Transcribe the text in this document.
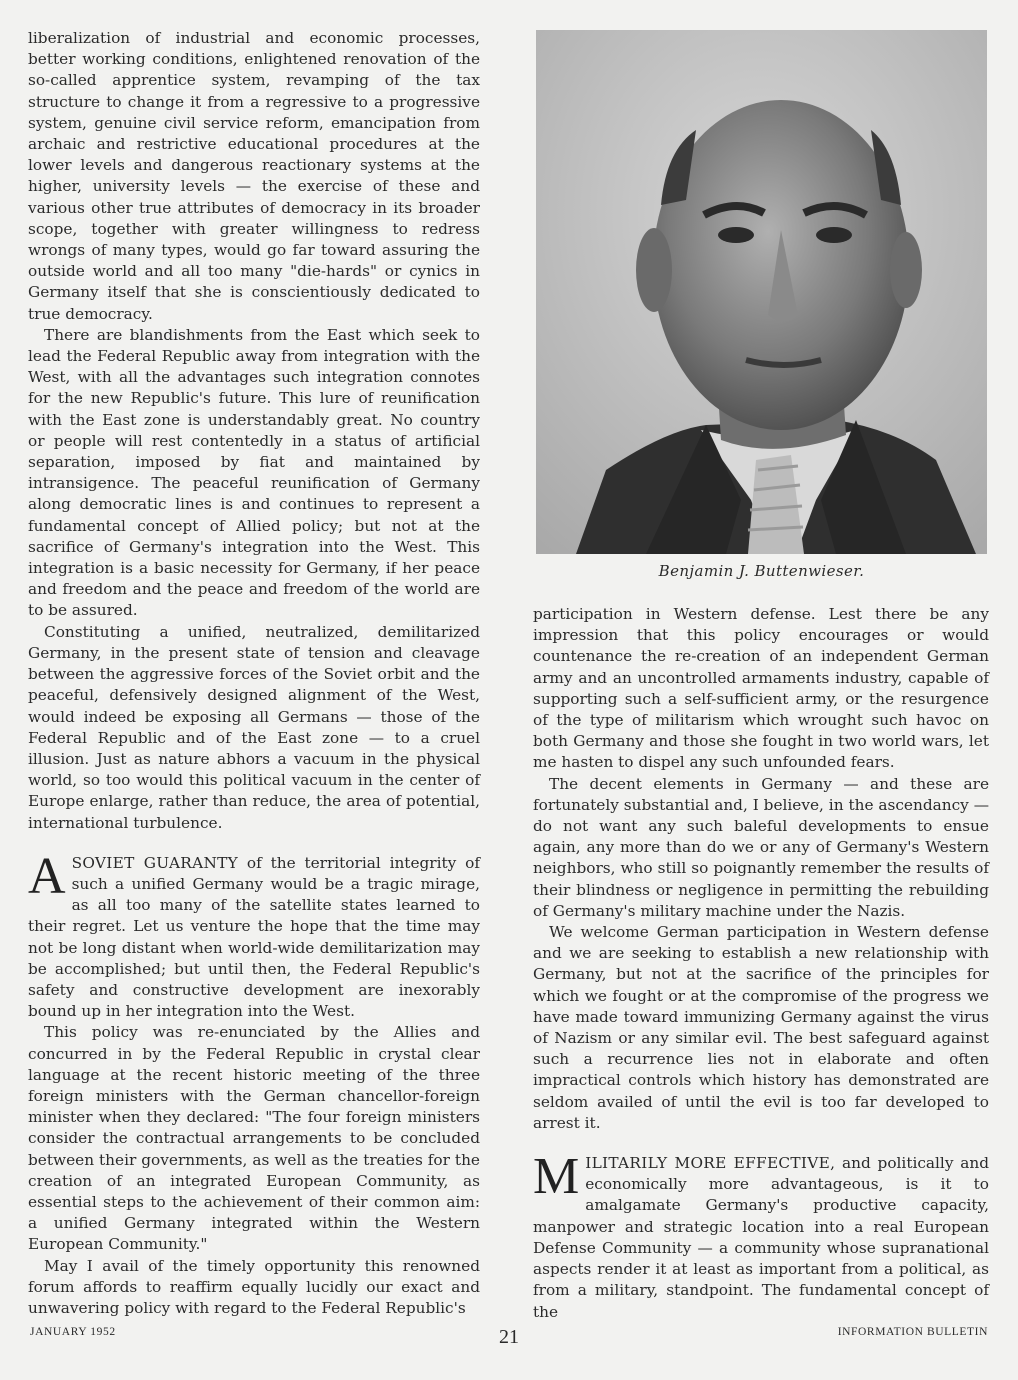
liberalization of industrial and economic processes, better working conditions, enlightened renovation of the so-called apprentice system, revamping of the tax structure to change it from a regressive to a progressive system, genuine civil service reform, emancipation from archaic and restrictive educational procedures at the lower levels and dangerous reactionary systems at the higher, university levels — the exercise of these and various other true attributes of democracy in its broader scope, together with greater willingness to redress wrongs of many types, would go far toward assuring the outside world and all too many "die-hards" or cynics in Germany itself that she is conscientiously dedicated to true democracy.

There are blandishments from the East which seek to lead the Federal Republic away from integration with the West, with all the advantages such integration connotes for the new Republic's future. This lure of reunification with the East zone is understandably great. No country or people will rest contentedly in a status of artificial separation, imposed by fiat and maintained by intransigence. The peaceful reunification of Germany along democratic lines is and continues to represent a fundamental concept of Allied policy; but not at the sacrifice of Germany's integration into the West. This integration is a basic necessity for Germany, if her peace and freedom and the peace and freedom of the world are to be assured.

Constituting a unified, neutralized, demilitarized Germany, in the present state of tension and cleavage between the aggressive forces of the Soviet orbit and the peaceful, defensively designed alignment of the West, would indeed be exposing all Germans — those of the Federal Republic and of the East zone — to a cruel illusion. Just as nature abhors a vacuum in the physical world, so too would this political vacuum in the center of Europe enlarge, rather than reduce, the area of potential, international turbulence.

ASOVIET GUARANTY of the territorial integrity of such a unified Germany would be a tragic mirage, as all too many of the satellite states learned to their regret. Let us venture the hope that the time may not be long distant when world-wide demilitarization may be accomplished; but until then, the Federal Republic's safety and constructive development are inexorably bound up in her integration into the West.

This policy was re-enunciated by the Allies and concurred in by the Federal Republic in crystal clear language at the recent historic meeting of the three foreign ministers with the German chancellor-foreign minister when they declared: "The four foreign ministers consider the contractual arrangements to be concluded between their governments, as well as the treaties for the creation of an integrated European Community, as essential steps to the achievement of their common aim: a unified Germany integrated within the Western European Community."

May I avail of the timely opportunity this renowned forum affords to reaffirm equally lucidly our exact and unwavering policy with regard to the Federal Republic's

Benjamin J. Buttenwieser.

participation in Western defense. Lest there be any impression that this policy encourages or would countenance the re-creation of an independent German army and an uncontrolled armaments industry, capable of supporting such a self-sufficient army, or the resurgence of the type of militarism which wrought such havoc on both Germany and those she fought in two world wars, let me hasten to dispel any such unfounded fears.

The decent elements in Germany — and these are fortunately substantial and, I believe, in the ascendancy — do not want any such baleful developments to ensue again, any more than do we or any of Germany's Western neighbors, who still so poignantly remember the results of their blindness or negligence in permitting the rebuilding of Germany's military machine under the Nazis.

We welcome German participation in Western defense and we are seeking to establish a new relationship with Germany, but not at the sacrifice of the principles for which we fought or at the compromise of the progress we have made toward immunizing Germany against the virus of Nazism or any similar evil. The best safeguard against such a recurrence lies not in elaborate and often impractical controls which history has demonstrated are seldom availed of until the evil is too far developed to arrest it.

MILITARILY MORE EFFECTIVE, and politically and economically more advantageous, is it to amalgamate Germany's productive capacity, manpower and strategic location into a real European Defense Community — a community whose supranational aspects render it at least as important from a political, as from a military, standpoint. The fundamental concept of the

JANUARY 1952	21	INFORMATION BULLETIN
